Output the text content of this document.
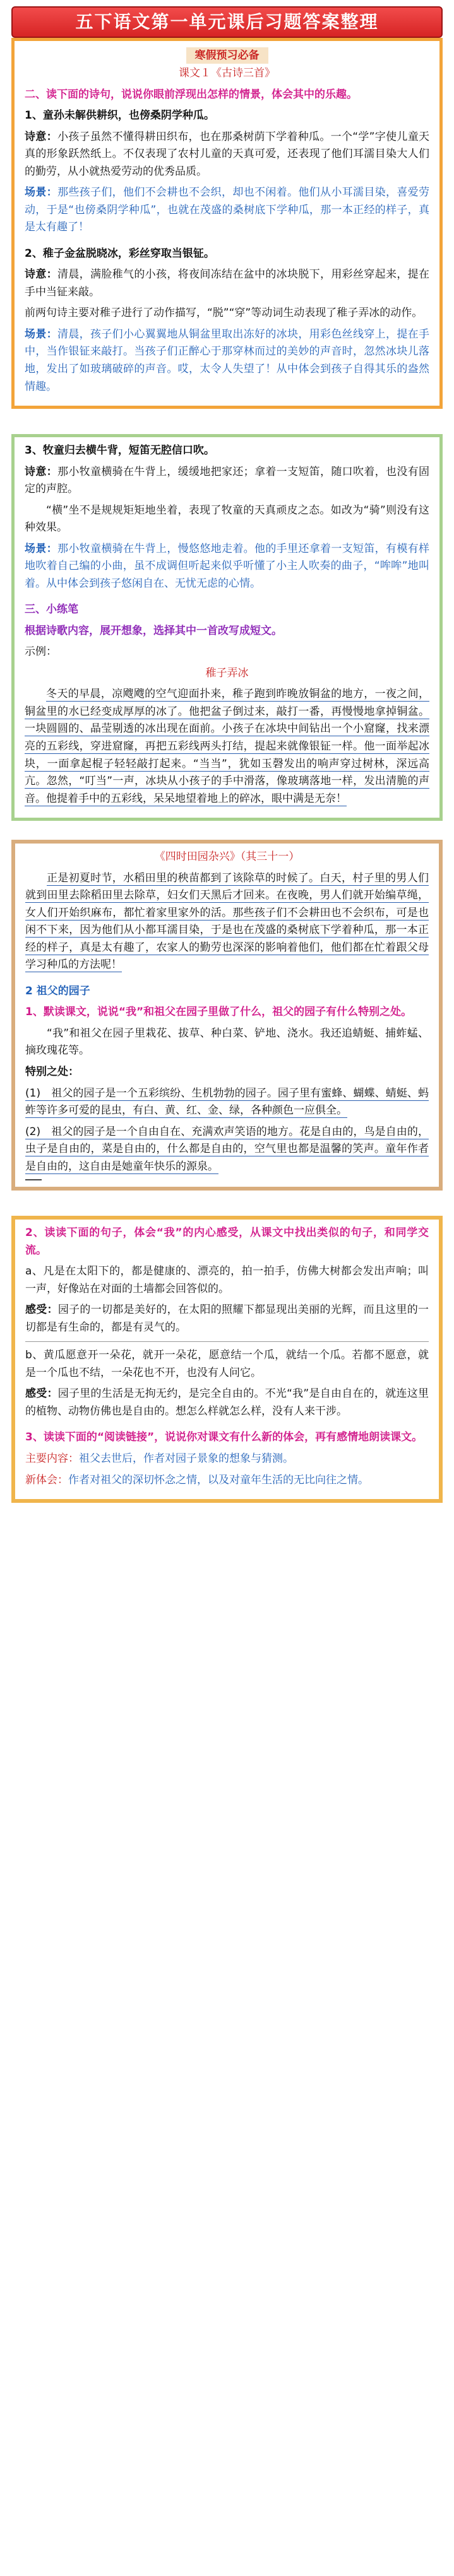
五下语文第一单元课后习题答案整理
寒假预习必备
课文１《古诗三首》

二、读下面的诗句，说说你眼前浮现出怎样的情景，体会其中的乐趣。

1、童孙未解供耕织，也傍桑阴学种瓜。

诗意：小孩子虽然不懂得耕田织布，也在那桑树荫下学着种瓜。一个“学”字使儿童天真的形象跃然纸上。不仅表现了农村儿童的天真可爱，还表现了他们耳濡目染大人们的勤劳，从小就热爱劳动的优秀品质。

场景：那些孩子们，他们不会耕也不会织，却也不闲着。他们从小耳濡目染，喜爱劳动，于是“也傍桑阴学种瓜”，也就在茂盛的桑树底下学种瓜，那一本正经的样子，真是太有趣了！

2、稚子金盆脱晓冰，彩丝穿取当银钲。

诗意：清晨，满脸稚气的小孩，将夜间冻结在盆中的冰块脱下，用彩丝穿起来，提在手中当钲来敲。

前两句诗主要对稚子进行了动作描写，“脱”“穿”等动词生动表现了稚子弄冰的动作。

场景：清晨，孩子们小心翼翼地从铜盆里取出冻好的冰块，用彩色丝线穿上，提在手中，当作银钲来敲打。当孩子们正醉心于那穿林而过的美妙的声音时，忽然冰块儿落地，发出了如玻璃破碎的声音。哎，太令人失望了！从中体会到孩子自得其乐的盎然情趣。

3、牧童归去横牛背，短笛无腔信口吹。

诗意：那小牧童横骑在牛背上，缓缓地把家还；拿着一支短笛，随口吹着，也没有固定的声腔。

“横”坐不是规规矩矩地坐着，表现了牧童的天真顽皮之态。如改为“骑”则没有这种效果。

场景：那小牧童横骑在牛背上，慢悠悠地走着。他的手里还拿着一支短笛，有模有样地吹着自己编的小曲，虽不成调但听起来似乎听懂了小主人吹奏的曲子，“哞哞”地叫着。从中体会到孩子悠闲自在、无忧无虑的心情。

三、小练笔

根据诗歌内容，展开想象，选择其中一首改写成短文。

示例：

稚子弄冰

冬天的早晨，凉飕飕的空气迎面扑来，稚子跑到昨晚放铜盆的地方，一夜之间，铜盆里的水已经变成厚厚的冰了。他把盆子倒过来，敲打一番，再慢慢地拿掉铜盆。一块圆圆的、晶莹剔透的冰出现在面前。小孩子在冰块中间钻出一个小窟窿，找来漂亮的五彩线，穿进窟窿，再把五彩线两头打结，提起来就像银钲一样。他一面举起冰块，一面拿起棍子轻轻敲打起来。“当当”，犹如玉磬发出的响声穿过树林，深远高亢。忽然，“叮当”一声，冰块从小孩子的手中滑落，像玻璃落地一样，发出清脆的声音。他提着手中的五彩线，呆呆地望着地上的碎冰，眼中满是无奈！

《四时田园杂兴》（其三十一）

正是初夏时节，水稻田里的秧苗都到了该除草的时候了。白天，村子里的男人们就到田里去除稻田里去除草，妇女们天黑后才回来。在夜晚，男人们就开始编草绳，女人们开始织麻布，都忙着家里家外的活。那些孩子们不会耕田也不会织布，可是也闲不下来，因为他们从小都耳濡目染，于是也在茂盛的桑树底下学着种瓜，那一本正经的样子，真是太有趣了，农家人的勤劳也深深的影响着他们，他们都在忙着跟父母学习种瓜的方法呢！

2 祖父的园子

1、默读课文，说说“我”和祖父在园子里做了什么，祖父的园子有什么特别之处。

“我”和祖父在园子里栽花、拔草、种白菜、铲地、浇水。我还追蜻蜓、捕蚱蜢、摘玫瑰花等。

特别之处：

(1)　祖父的园子是一个五彩缤纷、生机勃勃的园子。园子里有蜜蜂、蝴蝶、蜻蜓、蚂蚱等许多可爱的昆虫，有白、黄、红、金、绿，各种颜色一应俱全。

(2)　祖父的园子是一个自由自在、充满欢声笑语的地方。花是自由的，鸟是自由的，虫子是自由的，菜是自由的，什么都是自由的，空气里也都是温馨的笑声。童年作者是自由的，这自由是她童年快乐的源泉。

2、读读下面的句子，体会“我”的内心感受，从课文中找出类似的句子，和同学交流。

a、凡是在太阳下的，都是健康的、漂亮的，拍一拍手，仿佛大树都会发出声响；叫一声，好像站在对面的土墙都会回答似的。

感受：园子的一切都是美好的，在太阳的照耀下都显现出美丽的光辉，而且这里的一切都是有生命的，都是有灵气的。

b、黄瓜愿意开一朵花，就开一朵花，愿意结一个瓜，就结一个瓜。若都不愿意，就是一个瓜也不结，一朵花也不开，也没有人问它。

感受：园子里的生活是无拘无约，是完全自由的。不光“我”是自由自在的，就连这里的植物、动物仿佛也是自由的。想怎么样就怎么样，没有人来干涉。

3、读读下面的“阅读链接”，说说你对课文有什么新的体会，再有感情地朗读课文。

主要内容：祖父去世后，作者对园子景象的想象与猜测。

新体会：作者对祖父的深切怀念之情，以及对童年生活的无比向往之情。
